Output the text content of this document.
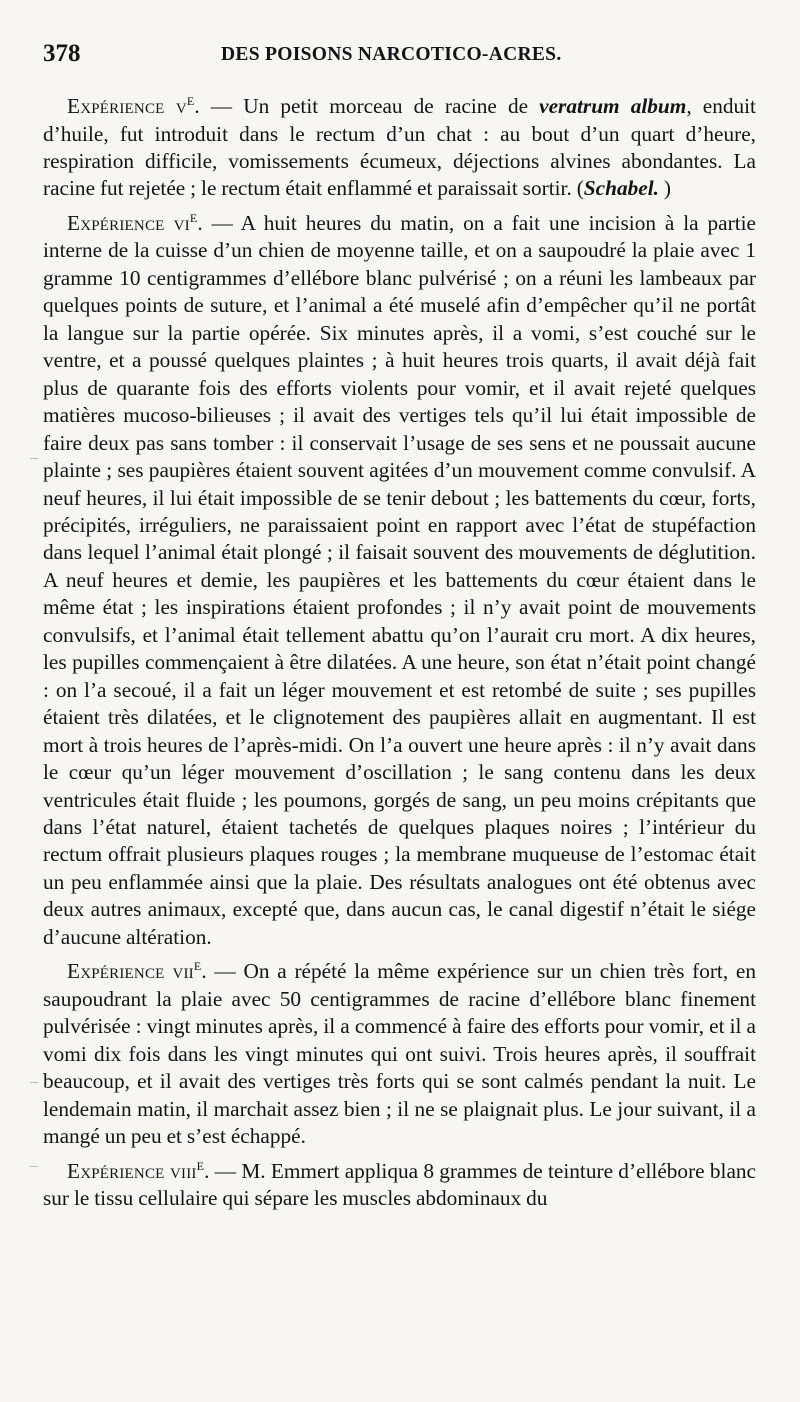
378	DES POISONS NARCOTICO-ACRES.

Expérience $v^e$. — Un petit morceau de racine de veratrum album, enduit d’huile, fut introduit dans le rectum d’un chat : au bout d’un quart d’heure, respiration difficile, vomissements écumeux, déjections alvines abondantes. La racine fut rejetée ; le rectum était enflammé et paraissait sortir. (Schabel. )

Expérience $vi^e$. — A huit heures du matin, on a fait une incision à la partie interne de la cuisse d’un chien de moyenne taille, et on a saupoudré la plaie avec 1 gramme 10 centigrammes d’ellébore blanc pulvérisé ; on a réuni les lambeaux par quelques points de suture, et l’animal a été muselé afin d’empêcher qu’il ne portât la langue sur la partie opérée. Six minutes après, il a vomi, s’est couché sur le ventre, et a poussé quelques plaintes ; à huit heures trois quarts, il avait déjà fait plus de quarante fois des efforts violents pour vomir, et il avait rejeté quelques matières mucoso-bilieuses ; il avait des vertiges tels qu’il lui était impossible de faire deux pas sans tomber : il conservait l’usage de ses sens et ne poussait aucune plainte ; ses paupières étaient souvent agitées d’un mouvement comme convulsif. A neuf heures, il lui était impossible de se tenir debout ; les battements du cœur, forts, précipités, irréguliers, ne paraissaient point en rapport avec l’état de stupéfaction dans lequel l’animal était plongé ; il faisait souvent des mouvements de déglutition. A neuf heures et demie, les paupières et les battements du cœur étaient dans le même état ; les inspirations étaient profondes ; il n’y avait point de mouvements convulsifs, et l’animal était tellement abattu qu’on l’aurait cru mort. A dix heures, les pupilles commençaient à être dilatées. A une heure, son état n’était point changé : on l’a secoué, il a fait un léger mouvement et est retombé de suite ; ses pupilles étaient très dilatées, et le clignotement des paupières allait en augmentant. Il est mort à trois heures de l’après-midi. On l’a ouvert une heure après : il n’y avait dans le cœur qu’un léger mouvement d’oscillation ; le sang contenu dans les deux ventricules était fluide ; les poumons, gorgés de sang, un peu moins crépitants que dans l’état naturel, étaient tachetés de quelques plaques noires ; l’intérieur du rectum offrait plusieurs plaques rouges ; la membrane muqueuse de l’estomac était un peu enflammée ainsi que la plaie. Des résultats analogues ont été obtenus avec deux autres animaux, excepté que, dans aucun cas, le canal digestif n’était le siége d’aucune altération.

Expérience vii$^e$. — On a répété la même expérience sur un chien très fort, en saupoudrant la plaie avec 50 centigrammes de racine d’ellébore blanc finement pulvérisée : vingt minutes après, il a commencé à faire des efforts pour vomir, et il a vomi dix fois dans les vingt minutes qui ont suivi. Trois heures après, il souffrait beaucoup, et il avait des vertiges très forts qui se sont calmés pendant la nuit. Le lendemain matin, il marchait assez bien ; il ne se plaignait plus. Le jour suivant, il a mangé un peu et s’est échappé.

Expérience viii$^e$. — M. Emmert appliqua 8 grammes de teinture d’ellébore blanc sur le tissu cellulaire qui sépare les muscles abdominaux du
